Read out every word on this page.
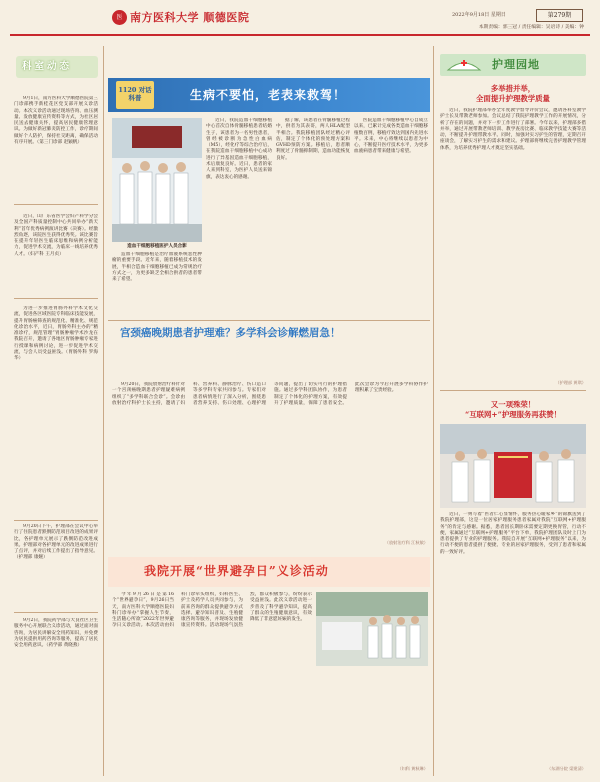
医 南方医科大学 顺德医院	2022年9月18日 星期日	第279期
本期责编：郭三冠 / 责任编辑：吴语诗 / 美编：钟
科室动态
9月1日，南方医科大学顺德医院第三门诊部携手新桂花区党支部开展义诊活动。本次义诊活动通过现场咨询、血压测量、发放健康宣传资料等方式，为社区居民送去健康关怀，提高居民健康管理意识。为做好新冠肺炎防控工作，诊疗期间做好个人防护，保持社交距离，确保活动有序开展。（第三门诊部 赵颖帆）
近日，山广东省医学会妇产科学分会及全国产科质量控制中心共同举办“新天利”首年优秀病例演讲比赛（决赛）。经激烈角逐，该院医生获得优秀奖。该比赛旨在提升年轻医生临床思维和病例分析能力，促进学术交流，为临床一线培养优秀人才。（妇产科 王月贞）
为进一步推进胃肠外科学术文化交流，促进各区域医院专科临床技能发展，提升胃肠癌筛查的规范化、精准化、规范化诊治水平，近日，胃肠外科主办的“精准诊疗，规范管理”胃肠肿瘤学术沙龙在我院召开，邀请了各地区胃肠肿瘤专家进行授课和病例讨论，进一步促进学术交流，与会人员受益匪浅。（胃肠外科 罗海华）
9月20日下午，护理部在会议中心举行了住院患者跌倒防范项目改进的成果评比，各护理单元展示了跌倒防范改进成果。护理部对各护理单元的改进成果进行了点评，并对后续工作提出了指导意见。（护理部 康婉）
9月2日，我院药学部与大良社区卫生服务中心开展联合义诊活动，通过面对面咨询，为居民讲解安全用药知识，并免费为居民提供用药咨询等服务，提高了居民安全用药意识。（药学部 黄晓燕）
1120 对话科普	生病不要怕，老表来救驾！
造血干细胞移植医护人员合影
近日，我院造血干细胞移植中心首次自体骨髓移植患者结婚生子，该患者为一名男性患者，曾经被诊断为急性白血病（M5），经化疗等综合治疗后，在我院造血干细胞移植中心成功进行了异基因造血干细胞移植，术后康复良好。近日，患者的家人来到科室，为医护人员送来锦旗，表达衷心的感谢。
造血干细胞移植是治疗血液系统恶性肿瘤的重要手段。近年来，随着移植技术的发展，半相合造血干细胞移植已成为常规治疗方式之一，为更多缺乏全相合供者的患者带来了希望。
据了解，该患者在骨髓移植过程中，供者为其表哥，两人HLA配型半相合。我院移植团队经过精心评估，制定了个体化的预处理方案和GVHD预防方案。移植后，患者顺利度过了骨髓抑制期，造血功能恢复良好。
医院造血干细胞移植中心自成立以来，已累计完成各类造血干细胞移植数百例，移植疗效达到国内先进水平。未来，中心将继续以患者为中心，不断提升医疗技术水平，为更多血液病患者带来健康与希望。
宫颈癌晚期患者护理难？多学科会诊解燃眉急！
9月20日，我院放射治疗科针对一个宫颈癌晚期患者护理疑难病例组织了“多学科联合会诊”。会诊由放射治疗科护士长主持，邀请了妇科、营养科、静脉治疗、伤口造口等多学科专家共同参与。专家们对患者病情进行了深入分析，围绕患者营养支持、伤口处理、心理护理等问题，提出了切实可行的护理措施。通过多学科团队协作，为患者制定了个体化的护理方案，有效提升了护理质量，保障了患者安全。此次会诊为今后开展多学科协作护理积累了宝贵经验。
（放射治疗科 江秋敏）
我院开展“世界避孕日”义诊活动
今年9月26日是第16个“世界避孕日”，9月26日当天，南方医科大学顺德医院妇科门诊举办“掌握人生节奏，生活随心所欲”2022年世界避孕日义诊活动。本次活动由妇科门诊牵头组织，妇科医生、护士及药学人员共同参与，为前来咨询的群众提供避孕方式选择、避孕知识普及、生殖健康咨询等服务，并现场发放健康宣传资料。活动现场气氛热烈，群众积极参与，纷纷表示受益匪浅。此次义诊活动进一步普及了科学避孕知识，提高了群众的生殖健康意识，有效降低了非意愿妊娠的发生。
（妇科 黄秋琳）
护理园地
多举措并举，
全面提升护理教学质量
近日，我院护理部举办全年度教学督导评价会议，邀请各科室教学护士长及带教老师参加。会议总结了我院护理教学工作的开展情况，分析了存在的问题，并对下一步工作进行了部署。今年以来，护理部多措并举，通过开展带教老师培训、教学查房比赛、临床教学技能大赛等活动，不断提升护理带教水平。同时，加强对实习护生的管理，定期召开座谈会，了解实习护生的需求和建议。护理部将继续完善护理教学管理体系，为培养优秀护理人才奠定坚实基础。
（护理部 黄琪）
又一项殊荣！
“互联网+”护理服务再获赞！
近日，一则写着“医者仁心显情怀，服务热心暖家乡”的锦旗送到了我院护理部，这是一位居家护理服务患者家属对我院“互联网+护理服务”的肯定与感谢。据悉，患者因长期卧床需要定期更换胃管，行动不便，家属通过“互联网+护理服务”平台下单，我院护理团队及时上门为患者提供了专业的护理服务。我院自开展“互联网+护理服务”以来，为行动不便的患者提供了便捷、专业的居家护理服务，受到了患者和家属的一致好评。
（东湖分院 梁建清）
